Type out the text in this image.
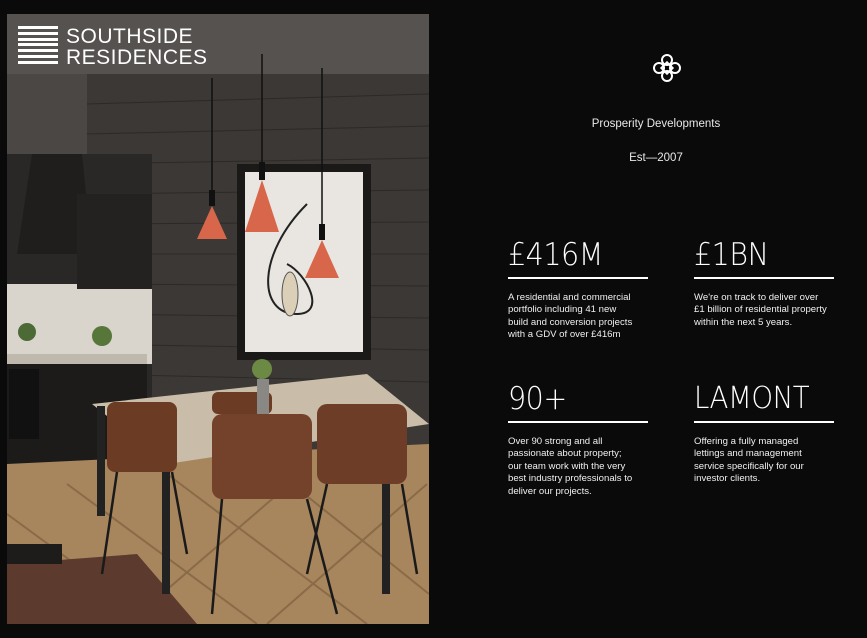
SOUTHSIDE
RESIDENCES
Prosperity Developments
Est—2007
£416M
A residential and commercial
portfolio including 41 new
build and conversion projects
with a GDV of over £416m
£1BN
We're on track to deliver over
£1 billion of residential property
within the next 5 years.
90+
Over 90 strong and all
passionate about property;
our team work with the very
best industry professionals to
deliver our projects.
LAMONT
Offering a fully managed
lettings and management
service specifically for our
investor clients.
